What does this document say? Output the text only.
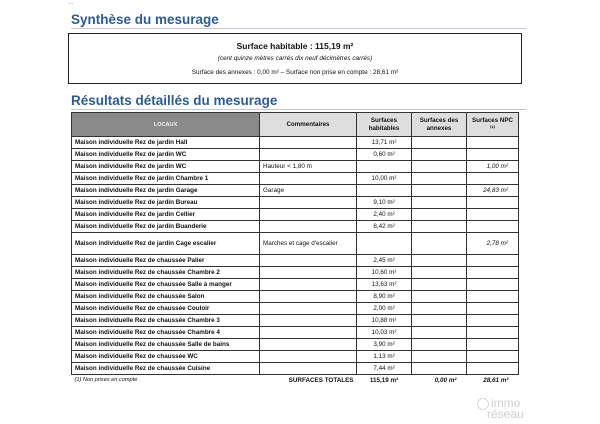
...
Synthèse du mesurage
Surface habitable : 115,19 m²
(cent quinze mètres carrés dix neuf décimètres carrés)
Surface des annexes : 0,00 m² – Surface non prise en compte : 28,61 m²
Résultats détaillés du mesurage
LOCAUX	Commentaires	Surfaces habitables	Surfaces des annexes	Surfaces NPC ⁽¹⁾
Maison individuelle Rez de jardin Hall		13,71 m²		
Maison individuelle Rez de jardin WC		0,60 m²		
Maison individuelle Rez de jardin WC	Hauteur < 1,80 m			1,00 m²
Maison individuelle Rez de jardin Chambre 1		10,00 m²		
Maison individuelle Rez de jardin Garage	Garage			24,83 m²
Maison individuelle Rez de jardin Bureau		9,10 m²		
Maison individuelle Rez de jardin Cellier		2,40 m²		
Maison individuelle Rez de jardin Buanderie		8,42 m²		
Maison individuelle Rez de jardin Cage escalier	Marches et cage d'escalier			2,78 m²
Maison individuelle Rez de chaussée Palier		2,45 m²		
Maison individuelle Rez de chaussée Chambre 2		10,60 m²		
Maison individuelle Rez de chaussée Salle à manger		13,63 m²		
Maison individuelle Rez de chaussée Salon		8,90 m²		
Maison individuelle Rez de chaussée Couloir		2,00 m²		
Maison individuelle Rez de chaussée Chambre 3		10,88 m²		
Maison individuelle Rez de chaussée Chambre 4		10,03 m²		
Maison individuelle Rez de chaussée Salle de bains		3,90 m²		
Maison individuelle Rez de chaussée WC		1,13 m²		
Maison individuelle Rez de chaussée Cuisine		7,44 m²		
(1) Non prises en compte	SURFACES TOTALES	115,19 m²	0,00 m²	28,61 m²
immo
réseau
